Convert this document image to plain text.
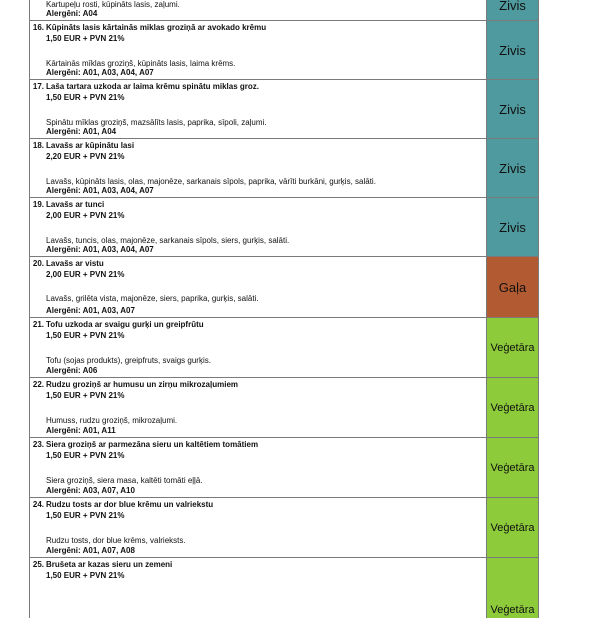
Kartupeļu rosti, kūpināts lasis, zaļumi.
Alergēni: A04
Zivis
16. Kūpināts lasis kārtainās miklas groziņā ar avokado krēmu
1,50 EUR + PVN 21%
Kārtainās mīklas groziņš, kūpināts lasis, laima krēms.
Alergēni: A01, A03, A04, A07
Zivis
17. Laša tartara uzkoda ar laima krēmu spinātu miklas groz.
1,50 EUR + PVN 21%
Spinātu mīklas groziņš, mazsālīts lasis, paprika, sīpoli, zaļumi.
Alergēni: A01, A04
Zivis
18. Lavašs ar kūpinātu lasi
2,20 EUR + PVN 21%
Lavašs, kūpināts lasis, olas, majonēze, sarkanais sīpols, paprika, vārīti burkāni, gurķis, salāti.
Alergēni: A01, A03, A04, A07
Zivis
19. Lavašs ar tunci
2,00 EUR + PVN 21%
Lavašs, tuncis, olas, majonēze, sarkanais sīpols, siers, gurķis, salāti.
Alergēni: A01, A03, A04, A07
Zivis
20. Lavašs ar vistu
2,00 EUR + PVN 21%
Lavašs, grilēta vista, majonēze, siers, paprika, gurķis, salāti.
Alergēni: A01, A03, A07
Gaļa
21. Tofu uzkoda ar svaigu gurķi un greipfrūtu
1,50 EUR + PVN 21%
Tofu (sojas produkts), greipfruts, svaigs gurķis.
Alergēni: A06
Veģetāra
22. Rudzu groziņš ar humusu un zirņu mikrozaļumiem
1,50 EUR + PVN 21%
Humuss, rudzu groziņš, mikrozaļumi.
Alergēni: A01, A11
Veģetāra
23. Siera groziņš ar parmezāna sieru un kaltētiem tomātiem
1,50 EUR + PVN 21%
Siera groziņš, siera masa, kaltēti tomāti eļļā.
Alergēni: A03, A07, A10
Veģetāra
24. Rudzu tosts ar dor blue krēmu un valriekstu
1,50 EUR + PVN 21%
Rudzu tosts, dor blue krēms, valrieksts.
Alergēni: A01, A07, A08
Veģetāra
25. Brušeta ar kazas sieru un zemeni
1,50 EUR + PVN 21%
Veģetāra
